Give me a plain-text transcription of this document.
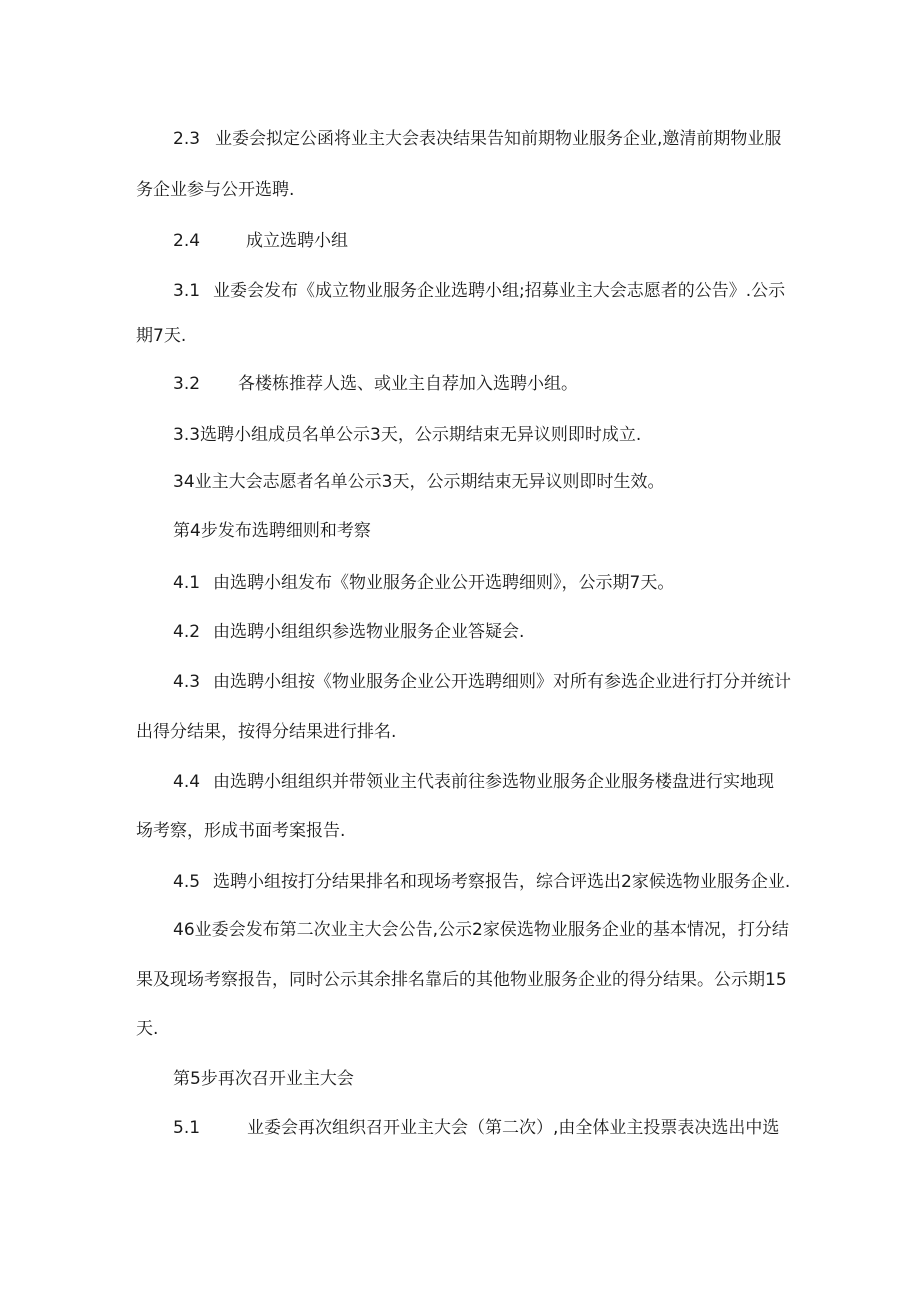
2.3 业委会拟定公函将业主大会表决结果告知前期物业服务企业,邀清前期物业服
务企业参与公开选聘.
2.4	成立选聘小组
3.1 业委会发布《成立物业服务企业选聘小组;招募业主大会志愿者的公告》.公示
期7天.
3.2 各楼栋推荐人选、或业主自荐加入选聘小组。
3.3选聘小组成员名单公示3天，公示期结束无异议则即时成立.
34业主大会志愿者名单公示3天，公示期结束无异议则即时生效。
第4步发布选聘细则和考察
4.1 由选聘小组发布《物业服务企业公开选聘细则》，公示期7天。
4.2 由选聘小组组织参选物业服务企业答疑会.
4.3 由选聘小组按《物业服务企业公开选聘细则》对所有参选企业进行打分并统计
出得分结果，按得分结果进行排名.
4.4 由选聘小组组织并带领业主代表前往参选物业服务企业服务楼盘进行实地现
场考察，形成书面考案报告.
4.5 选聘小组按打分结果排名和现场考察报告，综合评选出2家候选物业服务企业.
46业委会发布第二次业主大会公告,公示2家侯选物业服务企业的基本情况，打分结
果及现场考察报告，同时公示其余排名靠后的其他物业服务企业的得分结果。公示期15
天.
第5步再次召开业主大会
5.1	业委会再次组织召开业主大会（第二次）,由全体业主投票表决选出中选
